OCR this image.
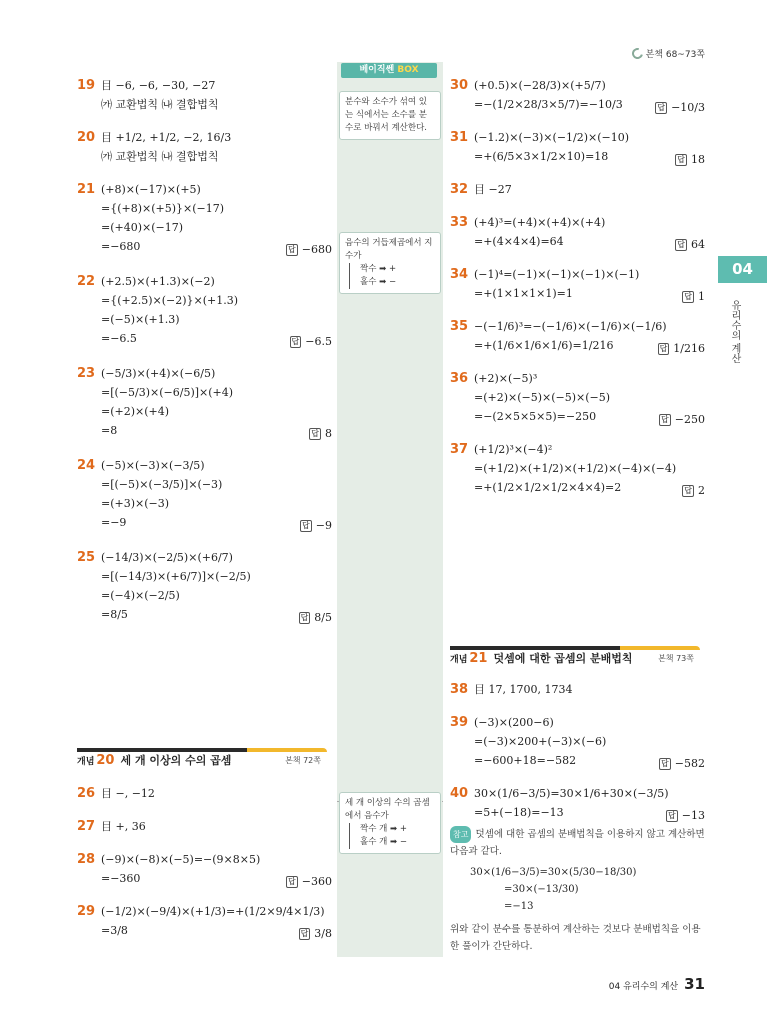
본책 68~73쪽
베이직쎈 BOX
분수와 소수가 섞여 있는 식에서는 소수를 분수로 바꿔서 계산한다.
음수의 거듭제곱에서 지수가
짝수 ➡ +
홀수 ➡ −
세 개 이상의 수의 곱셈에서 음수가
짝수 개 ➡ +
홀수 개 ➡ −
19 目 −6, −6, −30, −27
㈎ 교환법칙 ㈏ 결합법칙
20 目 +1/2, +1/2, −2, 16/3
㈎ 교환법칙 ㈏ 결합법칙
21 (+8)×(−17)×(+5)
={(+8)×(+5)}×(−17)
=(+40)×(−17)
=−680	답 −680
22 (+2.5)×(+1.3)×(−2)
={(+2.5)×(−2)}×(+1.3)
=(−5)×(+1.3)
=−6.5	답 −6.5
23 (−5/3)×(+4)×(−6/5)
=[(−5/3)×(−6/5)]×(+4)
=(+2)×(+4)
=8	답 8
24 (−5)×(−3)×(−3/5)
=[(−5)×(−3/5)]×(−3)
=(+3)×(−3)
=−9	답 −9
25 (−14/3)×(−2/5)×(+6/7)
=[(−14/3)×(+6/7)]×(−2/5)
=(−4)×(−2/5)
=8/5	답 8/5
개념 20 세 개 이상의 수의 곱셈	본책 72쪽
26 目 −, −12
27 目 +, 36
28 (−9)×(−8)×(−5)=−(9×8×5)
=−360	답 −360
29 (−1/2)×(−9/4)×(+1/3)=+(1/2×9/4×1/3)
=3/8	답 3/8
30 (+0.5)×(−28/3)×(+5/7)
=−(1/2×28/3×5/7)=−10/3	답 −10/3
31 (−1.2)×(−3)×(−1/2)×(−10)
=+(6/5×3×1/2×10)=18	답 18
32 目 −27
33 (+4)³=(+4)×(+4)×(+4)
=+(4×4×4)=64	답 64
34 (−1)⁴=(−1)×(−1)×(−1)×(−1)
=+(1×1×1×1)=1	답 1
35 −(−1/6)³=−(−1/6)×(−1/6)×(−1/6)
=+(1/6×1/6×1/6)=1/216	답 1/216
36 (+2)×(−5)³
=(+2)×(−5)×(−5)×(−5)
=−(2×5×5×5)=−250	답 −250
37 (+1/2)³×(−4)²
=(+1/2)×(+1/2)×(+1/2)×(−4)×(−4)
=+(1/2×1/2×1/2×4×4)=2	답 2
개념 21 덧셈에 대한 곱셈의 분배법칙	본책 73쪽
38 目 17, 1700, 1734
39 (−3)×(200−6)
=(−3)×200+(−3)×(−6)
=−600+18=−582	답 −582
40 30×(1/6−3/5)=30×1/6+30×(−3/5)
=5+(−18)=−13	답 −13
참고 덧셈에 대한 곱셈의 분배법칙을 이용하지 않고 계산하면 다음과 같다.
30×(1/6−3/5)=30×(5/30−18/30)
=30×(−13/30)
=−13
위와 같이 분수를 통분하여 계산하는 것보다 분배법칙을 이용한 풀이가 간단하다.
04
유리수의 계산
04 유리수의 계산 31
